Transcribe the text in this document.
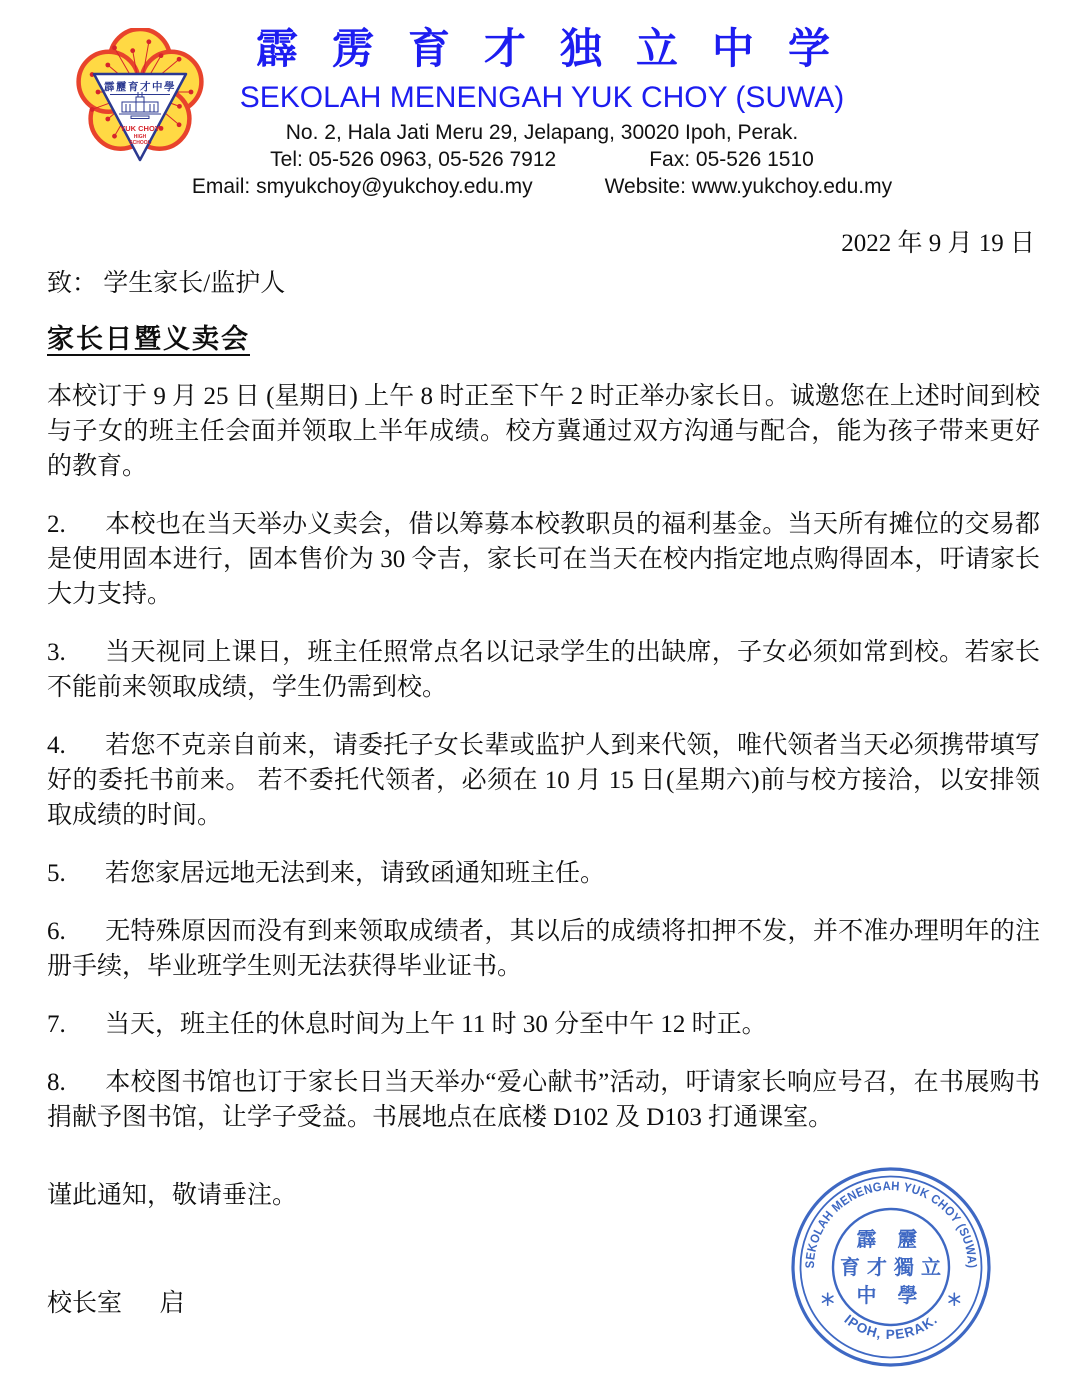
霹靂育才中學
YUK CHOY
HIGH
SCHOOL
霹雳育才独立中学
SEKOLAH MENENGAH YUK CHOY (SUWA)
No. 2, Hala Jati Meru 29, Jelapang, 30020 Ipoh, Perak.
Tel: 05-526 0963, 05-526 7912	Fax: 05-526 1510
Email: smyukchoy@yukchoy.edu.my	Website: www.yukchoy.edu.my
2022 年 9 月 19 日
致： 学生家长/监护人
家长日暨义卖会

本校订于 9 月 25 日 (星期日) 上午 8 时正至下午 2 时正举办家长日。诚邀您在上述时间到校与子女的班主任会面并领取上半年成绩。校方冀通过双方沟通与配合，能为孩子带来更好的教育。

2. 本校也在当天举办义卖会，借以筹募本校教职员的福利基金。当天所有摊位的交易都是使用固本进行，固本售价为 30 令吉，家长可在当天在校内指定地点购得固本，吁请家长大力支持。

3. 当天视同上课日，班主任照常点名以记录学生的出缺席，子女必须如常到校。若家长不能前来领取成绩，学生仍需到校。

4. 若您不克亲自前来，请委托子女长辈或监护人到来代领，唯代领者当天必须携带填写好的委托书前来。 若不委托代领者，必须在 10 月 15 日(星期六)前与校方接洽，以安排领取成绩的时间。

5. 若您家居远地无法到来，请致函通知班主任。

6. 无特殊原因而没有到来领取成绩者，其以后的成绩将扣押不发，并不准办理明年的注册手续，毕业班学生则无法获得毕业证书。

7. 当天，班主任的休息时间为上午 11 时 30 分至中午 12 时正。

8. 本校图书馆也订于家长日当天举办“爱心献书”活动，吁请家长响应号召，在书展购书捐献予图书馆，让学子受益。书展地点在底楼 D102 及 D103 打通课室。

谨此通知，敬请垂注。
校长室      启
SEKOLAH MENENGAH YUK CHOY (SUWA)
IPOH, PERAK.
霹 靂
育 才 獨 立
中 學
